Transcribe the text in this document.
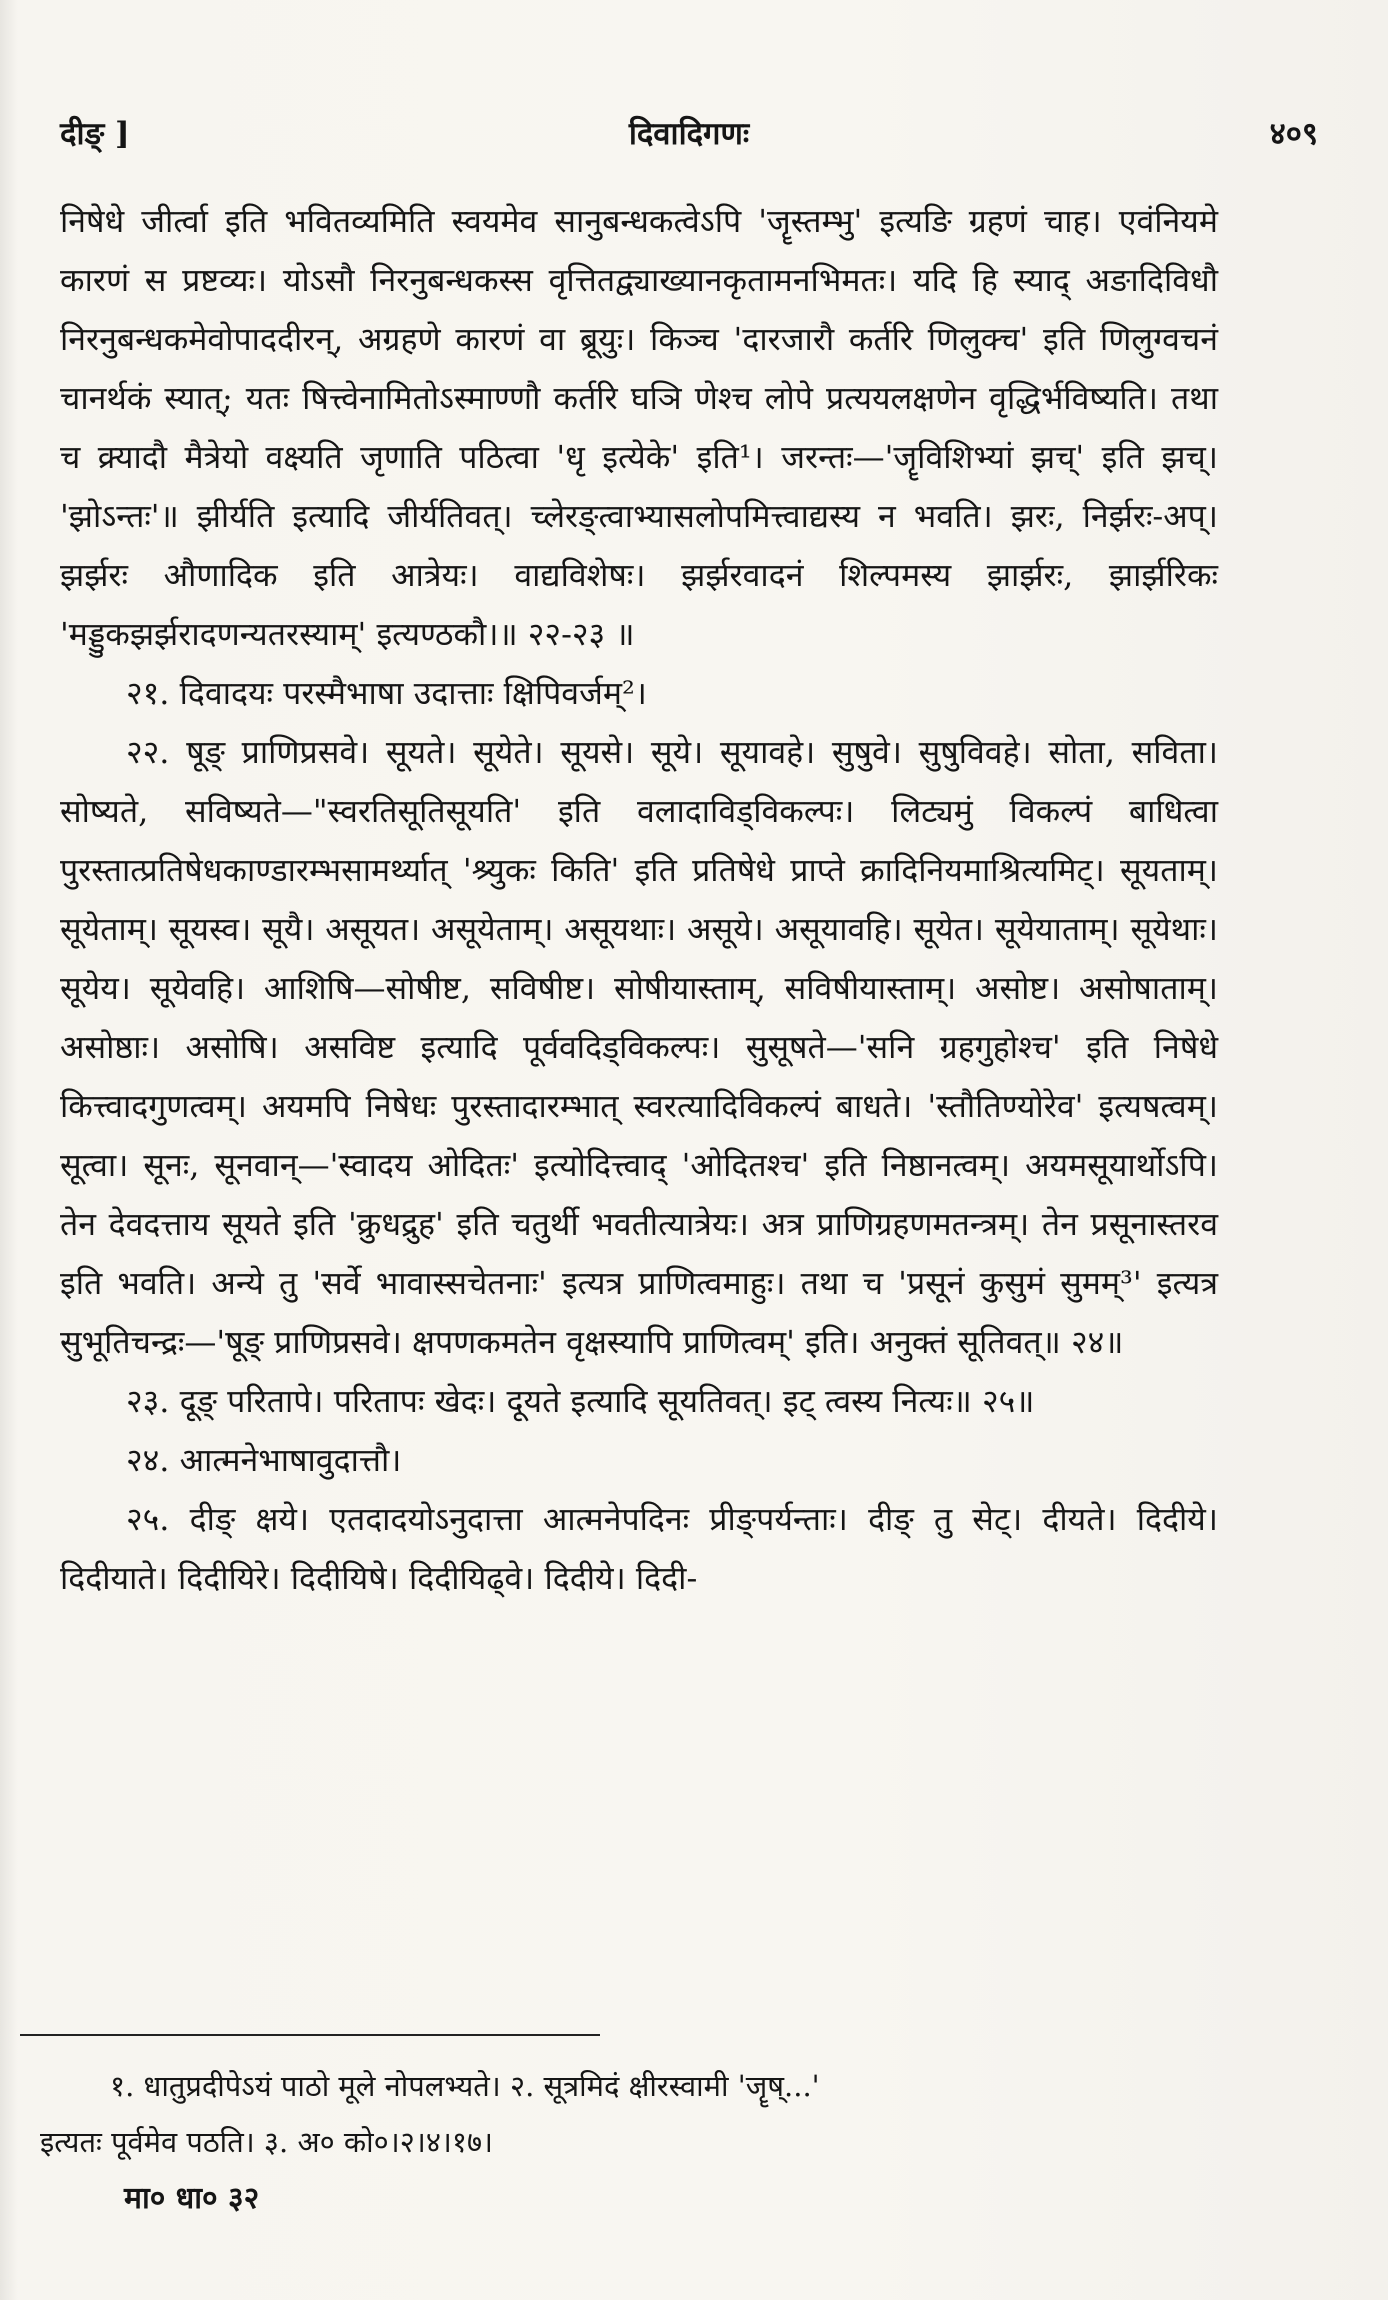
दीङ् ]	दिवादिगणः	४०९

निषेधे जीर्त्वा इति भवितव्यमिति स्वयमेव सानुबन्धकत्वेऽपि 'जॄस्तम्भु' इत्यङि ग्रहणं चाह। एवंनियमे कारणं स प्रष्टव्यः। योऽसौ निरनुबन्धकस्स वृत्तितद्व्याख्यानकृतामनभिमतः। यदि हि स्याद् अङादिविधौ निरनुबन्धकमेवोपाददीरन्, अग्रहणे कारणं वा ब्रूयुः। किञ्च 'दारजारौ कर्तरि णिलुक्च' इति णिलुग्वचनं चानर्थकं स्यात्; यतः षित्त्वेनामितोऽस्माण्णौ कर्तरि घञि णेश्च लोपे प्रत्ययलक्षणेन वृद्धिर्भविष्यति। तथा च क्र्यादौ मैत्रेयो वक्ष्यति जृणाति पठित्वा 'धृ इत्येके' इति¹। जरन्तः—'जॄविशिभ्यां झच्' इति झच्। 'झोऽन्तः'॥ झीर्यति इत्यादि जीर्यतिवत्। च्लेरङ्त्वाभ्यासलोपमित्त्वाद्यस्य न भवति। झरः, निर्झरः-अप्। झर्झरः औणादिक इति आत्रेयः। वाद्यविशेषः। झर्झरवादनं शिल्पमस्य झार्झरः, झार्झरिकः 'मड्डुकझर्झरादणन्यतरस्याम्' इत्यण्ठकौ।॥ २२-२३ ॥

२१. दिवादयः परस्मैभाषा उदात्ताः क्षिपिवर्जम्²।

२२. षूङ् प्राणिप्रसवे। सूयते। सूयेते। सूयसे। सूये। सूयावहे। सुषुवे। सुषुविवहे। सोता, सविता। सोष्यते, सविष्यते—"स्वरतिसूतिसूयति' इति वलादाविड्विकल्पः। लिट्यमुं विकल्पं बाधित्वा पुरस्तात्प्रतिषेधकाण्डारम्भसामर्थ्यात् 'श्र्युकः किति' इति प्रतिषेधे प्राप्ते क्रादिनियमाश्रित्यमिट्। सूयताम्। सूयेताम्। सूयस्व। सूयै। असूयत। असूयेताम्। असूयथाः। असूये। असूयावहि। सूयेत। सूयेयाताम्। सूयेथाः। सूयेय। सूयेवहि। आशिषि—सोषीष्ट, सविषीष्ट। सोषीयास्ताम्, सविषीयास्ताम्। असोष्ट। असोषाताम्। असोष्ठाः। असोषि। असविष्ट इत्यादि पूर्ववदिड्विकल्पः। सुसूषते—'सनि ग्रहगुहोश्च' इति निषेधे कित्त्वादगुणत्वम्। अयमपि निषेधः पुरस्तादारम्भात् स्वरत्यादिविकल्पं बाधते। 'स्तौतिण्योरेव' इत्यषत्वम्। सूत्वा। सूनः, सूनवान्—'स्वादय ओदितः' इत्योदित्त्वाद् 'ओदितश्च' इति निष्ठानत्वम्। अयमसूयार्थोऽपि। तेन देवदत्ताय सूयते इति 'क्रुधद्रुह' इति चतुर्थी भवतीत्यात्रेयः। अत्र प्राणिग्रहणमतन्त्रम्। तेन प्रसूनास्तरव इति भवति। अन्ये तु 'सर्वे भावास्सचेतनाः' इत्यत्र प्राणित्वमाहुः। तथा च 'प्रसूनं कुसुमं सुमम्³' इत्यत्र सुभूतिचन्द्रः—'षूङ् प्राणिप्रसवे। क्षपणकमतेन वृक्षस्यापि प्राणित्वम्' इति। अनुक्तं सूतिवत्॥ २४॥

२३. दूङ् परितापे। परितापः खेदः। दूयते इत्यादि सूयतिवत्। इट् त्वस्य नित्यः॥ २५॥

२४. आत्मनेभाषावुदात्तौ।

२५. दीङ् क्षये। एतदादयोऽनुदात्ता आत्मनेपदिनः प्रीङ्पर्यन्ताः। दीङ् तु सेट्। दीयते। दिदीये। दिदीयाते। दिदीयिरे। दिदीयिषे। दिदीयिढ्वे। दिदीये। दिदी-

१. धातुप्रदीपेऽयं पाठो मूले नोपलभ्यते। २. सूत्रमिदं क्षीरस्वामी 'जॄष्...'

इत्यतः पूर्वमेव पठति। ३. अ० को०।२।४।१७।

मा० धा० ३२
